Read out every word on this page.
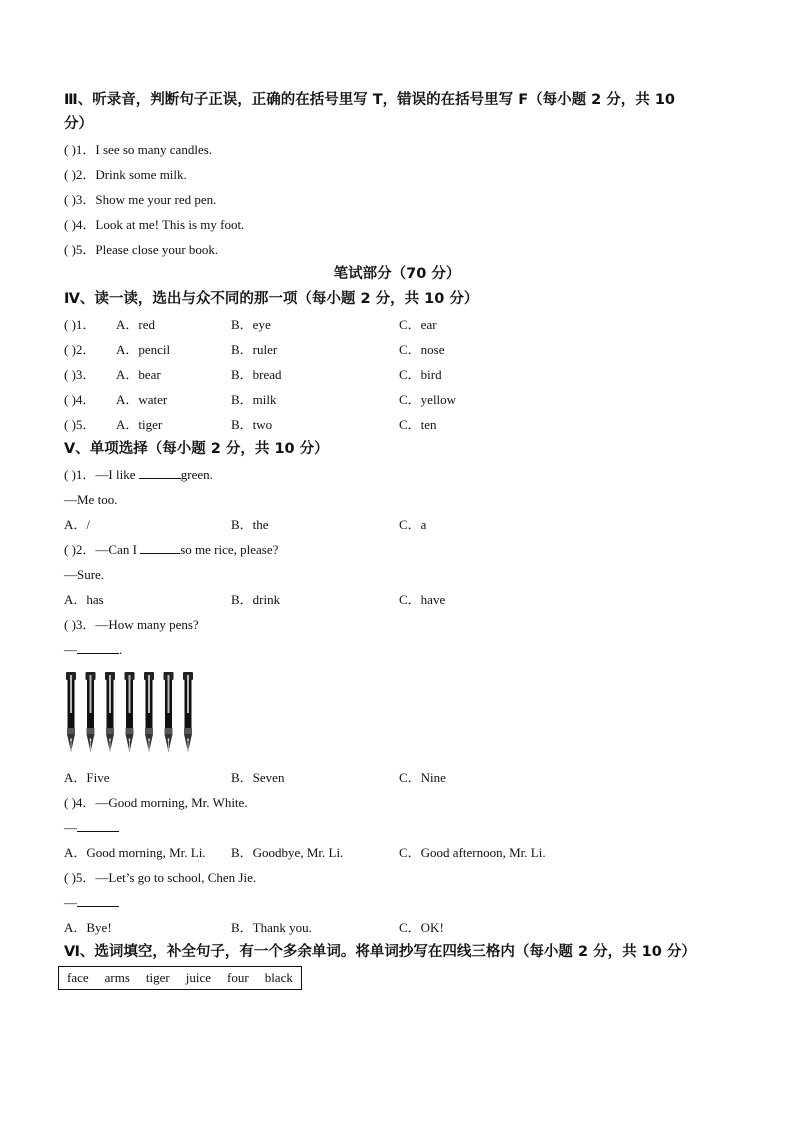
Ⅲ、听录音，判断句子正误，正确的在括号里写 T，错误的在括号里写 F（每小题 2 分，共 10
分）
( )1．I see so many candles.
( )2．Drink some milk.
( )3．Show me your red pen.
( )4．Look at me! This is my foot.
( )5．Please close your book.
笔试部分（70 分）
Ⅳ、读一读，选出与众不同的那一项（每小题 2 分，共 10 分）
( )1． A．red	B．eye	C．ear
( )2． A．pencil	B．ruler	C．nose
( )3． A．bear	B．bread	C．bird
( )4． A．water	B．milk	C．yellow
( )5． A．tiger	B．two	C．ten
Ⅴ、单项选择（每小题 2 分，共 10 分）
( )1．—I like	green.
—Me too.
A．/	B．the	C．a
( )2．—Can I	so me rice, please?
—Sure.
A．has	B．drink	C．have
( )3．—How many pens?
—	.
A．Five	B．Seven	C．Nine
( )4．—Good morning, Mr. White.
—
A．Good morning, Mr. Li. B．Goodbye, Mr. Li.	C．Good afternoon, Mr. Li.
( )5．—Let’s go to school, Chen Jie.
—
A．Bye!	B．Thank you.	C．OK!
Ⅵ、选词填空，补全句子，有一个多余单词。将单词抄写在四线三格内（每小题 2 分，共 10 分）
face arms tiger juice four black
